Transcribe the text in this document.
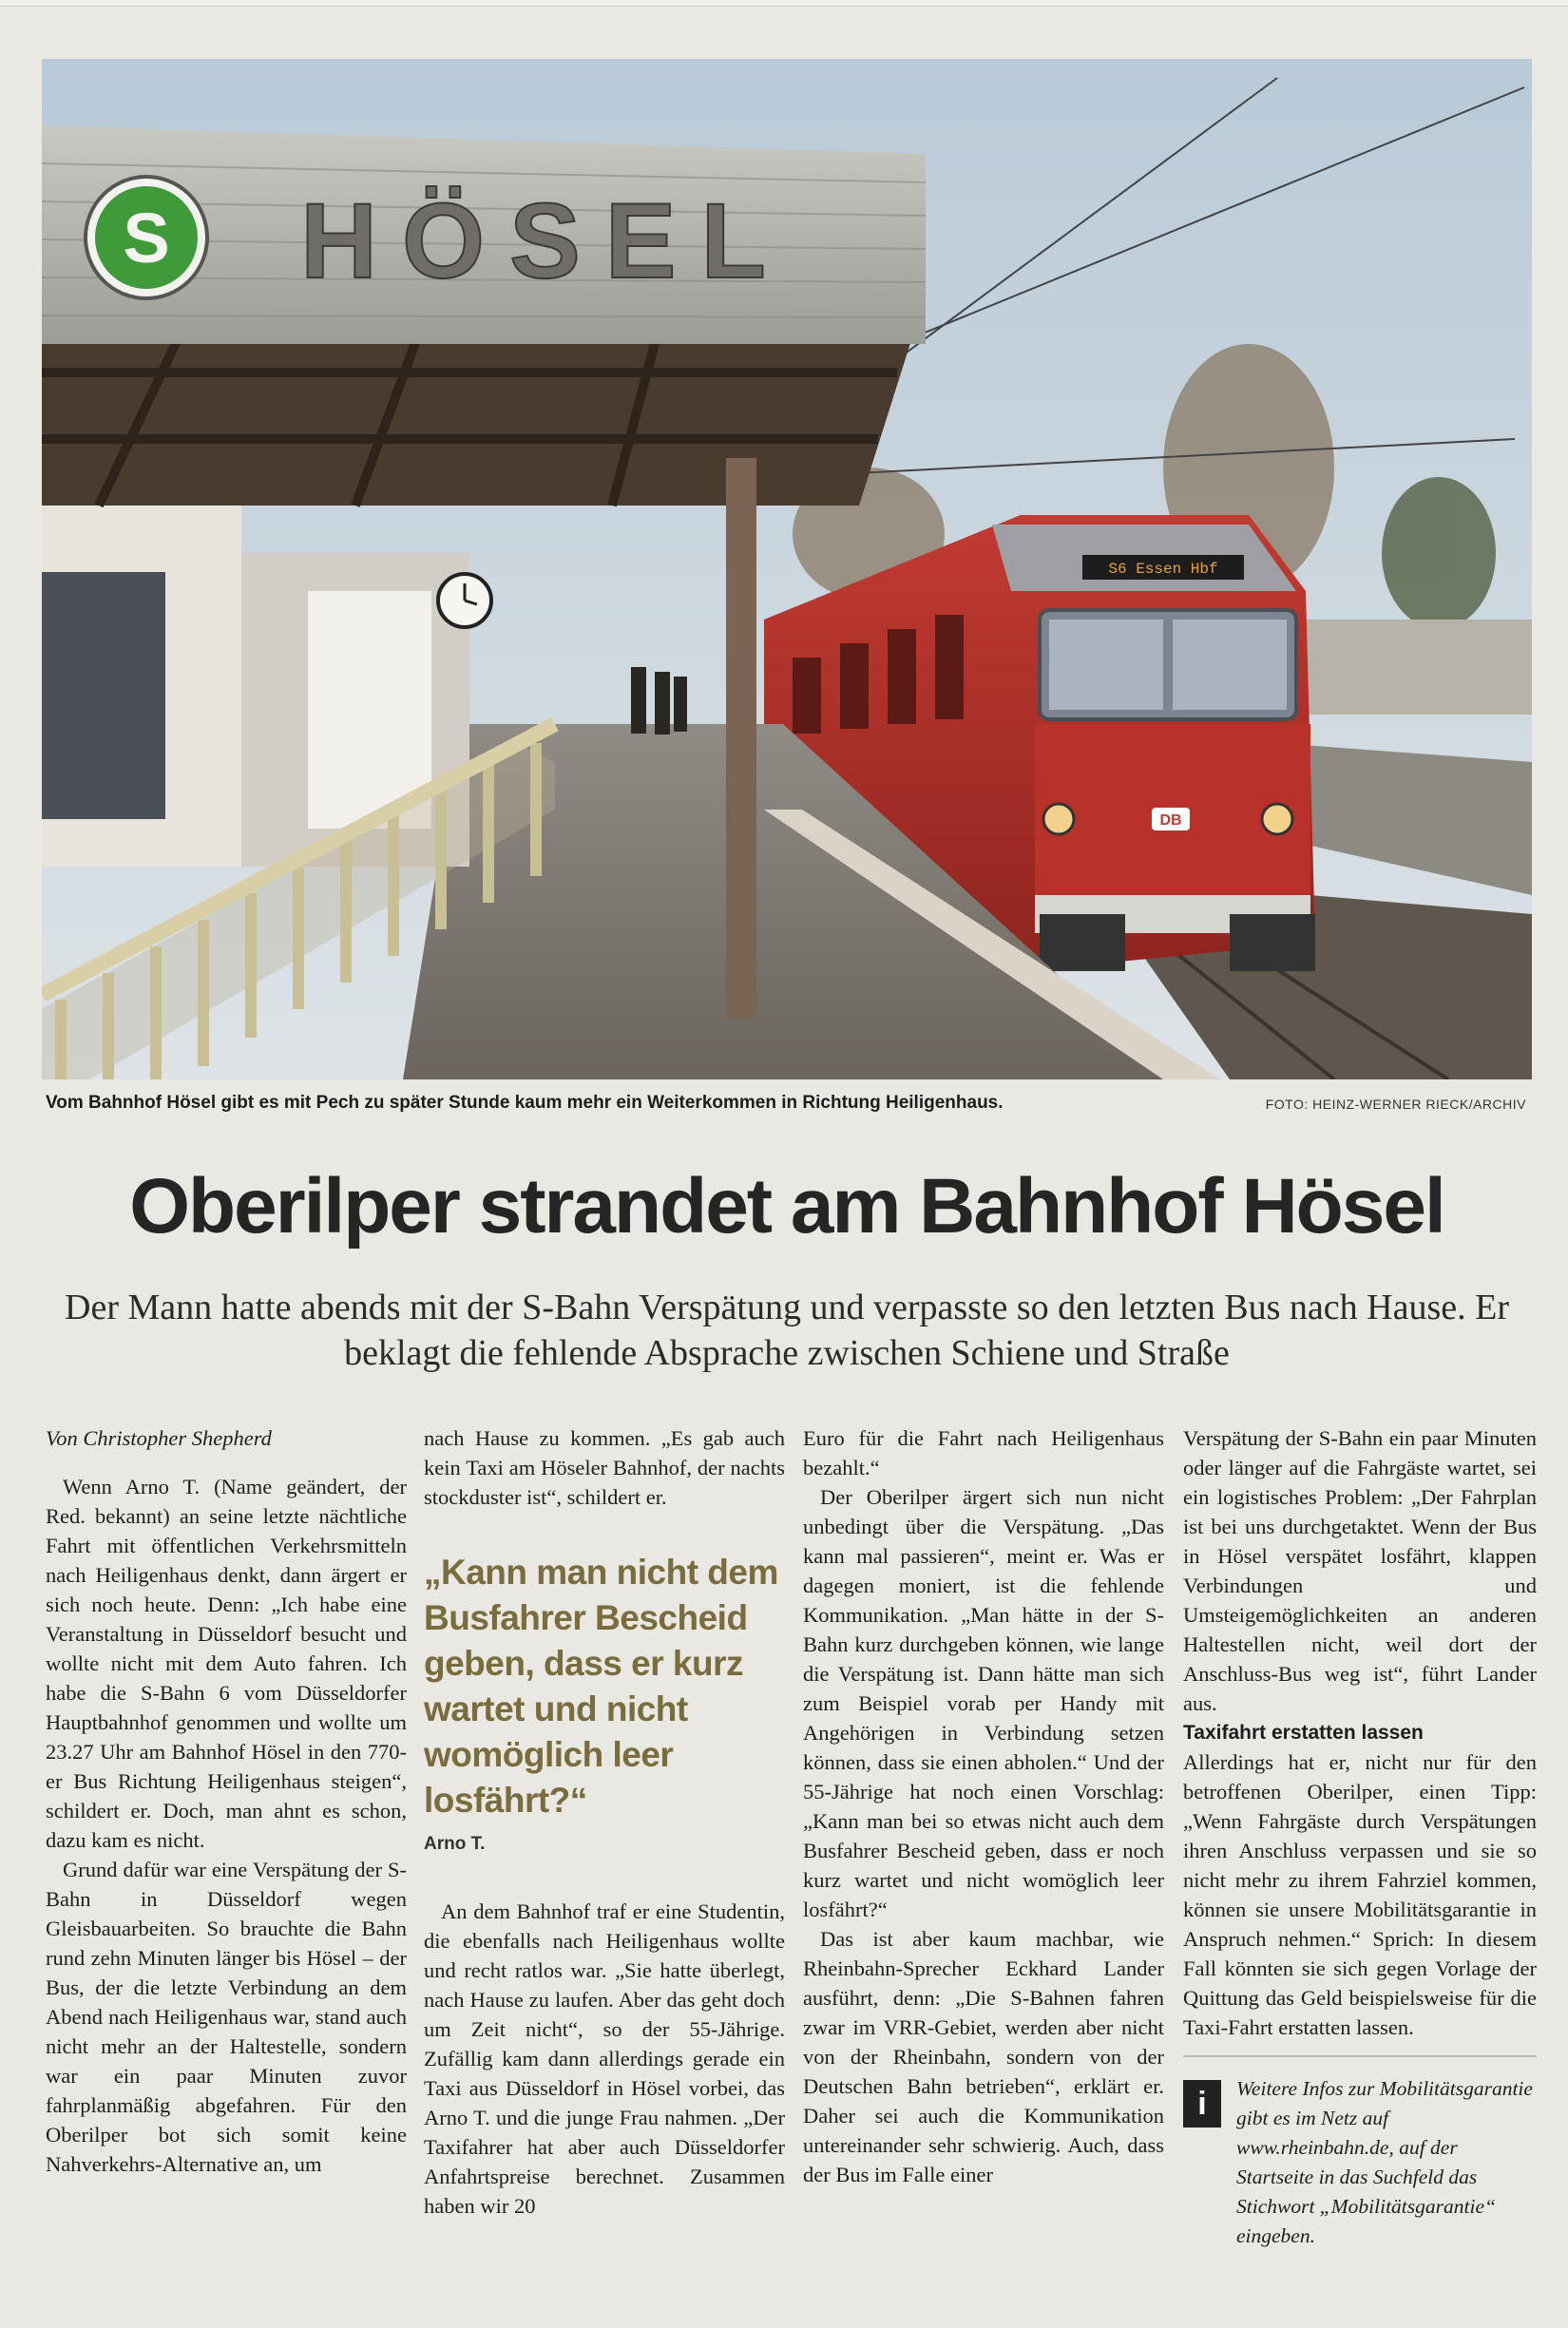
S6 Essen Hbf
DB
S HÖSEL
Vom Bahnhof Hösel gibt es mit Pech zu später Stunde kaum mehr ein Weiterkommen in Richtung Heiligenhaus.	FOTO: HEINZ-WERNER RIECK/ARCHIV
Oberilper strandet am Bahnhof Hösel
Der Mann hatte abends mit der S-Bahn Verspätung und verpasste so den letzten Bus nach Hause. Er beklagt die fehlende Absprache zwischen Schiene und Straße

Von Christopher Shepherd

Wenn Arno T. (Name geändert, der Red. bekannt) an seine letzte nächtliche Fahrt mit öffentlichen Verkehrsmitteln nach Heiligenhaus denkt, dann ärgert er sich noch heute. Denn: „Ich habe eine Veranstaltung in Düsseldorf besucht und wollte nicht mit dem Auto fahren. Ich habe die S-Bahn 6 vom Düsseldorfer Hauptbahnhof genommen und wollte um 23.27 Uhr am Bahnhof Hösel in den 770-er Bus Richtung Heiligenhaus steigen“, schildert er. Doch, man ahnt es schon, dazu kam es nicht.

Grund dafür war eine Verspätung der S-Bahn in Düsseldorf wegen Gleisbauarbeiten. So brauchte die Bahn rund zehn Minuten länger bis Hösel – der Bus, der die letzte Verbindung an dem Abend nach Heiligenhaus war, stand auch nicht mehr an der Haltestelle, sondern war ein paar Minuten zuvor fahrplanmäßig abgefahren. Für den Oberilper bot sich somit keine Nahverkehrs-Alternative an, um

nach Hause zu kommen. „Es gab auch kein Taxi am Höseler Bahnhof, der nachts stockduster ist“, schildert er.

„Kann man nicht dem Busfahrer Bescheid geben, dass er kurz wartet und nicht womöglich leer losfährt?“
Arno T.

An dem Bahnhof traf er eine Studentin, die ebenfalls nach Heiligenhaus wollte und recht ratlos war. „Sie hatte überlegt, nach Hause zu laufen. Aber das geht doch um Zeit nicht“, so der 55-Jährige. Zufällig kam dann allerdings gerade ein Taxi aus Düsseldorf in Hösel vorbei, das Arno T. und die junge Frau nahmen. „Der Taxifahrer hat aber auch Düsseldorfer Anfahrtspreise berechnet. Zusammen haben wir 20

Euro für die Fahrt nach Heiligenhaus bezahlt.“

Der Oberilper ärgert sich nun nicht unbedingt über die Verspätung. „Das kann mal passieren“, meint er. Was er dagegen moniert, ist die fehlende Kommunikation. „Man hätte in der S-Bahn kurz durchgeben können, wie lange die Verspätung ist. Dann hätte man sich zum Beispiel vorab per Handy mit Angehörigen in Verbindung setzen können, dass sie einen abholen.“ Und der 55-Jährige hat noch einen Vorschlag: „Kann man bei so etwas nicht auch dem Busfahrer Bescheid geben, dass er noch kurz wartet und nicht womöglich leer losfährt?“

Das ist aber kaum machbar, wie Rheinbahn-Sprecher Eckhard Lander ausführt, denn: „Die S-Bahnen fahren zwar im VRR-Gebiet, werden aber nicht von der Rheinbahn, sondern von der Deutschen Bahn betrieben“, erklärt er. Daher sei auch die Kommunikation untereinander sehr schwierig. Auch, dass der Bus im Falle einer

Verspätung der S-Bahn ein paar Minuten oder länger auf die Fahrgäste wartet, sei ein logistisches Problem: „Der Fahrplan ist bei uns durchgetaktet. Wenn der Bus in Hösel verspätet losfährt, klappen Verbindungen und Umsteigemöglichkeiten an anderen Haltestellen nicht, weil dort der Anschluss-Bus weg ist“, führt Lander aus.

Taxifahrt erstatten lassen

Allerdings hat er, nicht nur für den betroffenen Oberilper, einen Tipp: „Wenn Fahrgäste durch Verspätungen ihren Anschluss verpassen und sie so nicht mehr zu ihrem Fahrziel kommen, können sie unsere Mobilitätsgarantie in Anspruch nehmen.“ Sprich: In diesem Fall könnten sie sich gegen Vorlage der Quittung das Geld beispielsweise für die Taxi-Fahrt erstatten lassen.

i	Weitere Infos zur Mobilitätsgarantie gibt es im Netz auf www.rheinbahn.de, auf der Startseite in das Suchfeld das Stichwort „Mobilitätsgarantie“ eingeben.
